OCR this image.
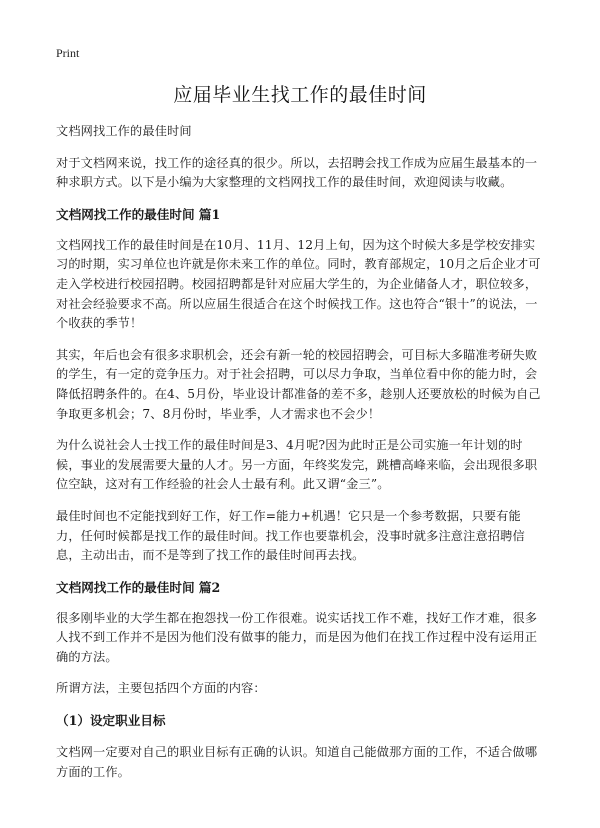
Print
应届毕业生找工作的最佳时间

文档网找工作的最佳时间

对于文档网来说，找工作的途径真的很少。所以，去招聘会找工作成为应届生最基本的一种求职方式。以下是小编为大家整理的文档网找工作的最佳时间，欢迎阅读与收藏。

文档网找工作的最佳时间 篇1

文档网找工作的最佳时间是在10月、11月、12月上旬，因为这个时候大多是学校安排实习的时期，实习单位也许就是你未来工作的单位。同时，教育部规定，10月之后企业才可走入学校进行校园招聘。校园招聘都是针对应届大学生的，为企业储备人才，职位较多，对社会经验要求不高。所以应届生很适合在这个时候找工作。这也符合“银十”的说法，一个收获的季节！

其实，年后也会有很多求职机会，还会有新一轮的校园招聘会，可目标大多瞄准考研失败的学生，有一定的竞争压力。对于社会招聘，可以尽力争取，当单位看中你的能力时，会降低招聘条件的。在4、5月份，毕业设计都准备的差不多，趁别人还要放松的时候为自己争取更多机会；7、8月份时，毕业季，人才需求也不会少！

为什么说社会人士找工作的最佳时间是3、4月呢?因为此时正是公司实施一年计划的时候，事业的发展需要大量的人才。另一方面，年终奖发完，跳槽高峰来临，会出现很多职位空缺，这对有工作经验的社会人士最有利。此又谓“金三”。

最佳时间也不定能找到好工作，好工作=能力+机遇！它只是一个参考数据，只要有能力，任何时候都是找工作的最佳时间。找工作也要靠机会，没事时就多注意注意招聘信息，主动出击，而不是等到了找工作的最佳时间再去找。

文档网找工作的最佳时间 篇2

很多刚毕业的大学生都在抱怨找一份工作很难。说实话找工作不难，找好工作才难，很多人找不到工作并不是因为他们没有做事的能力，而是因为他们在找工作过程中没有运用正确的方法。

所谓方法，主要包括四个方面的内容：

（1）设定职业目标

文档网一定要对自己的职业目标有正确的认识。知道自己能做那方面的工作，不适合做哪方面的工作。
